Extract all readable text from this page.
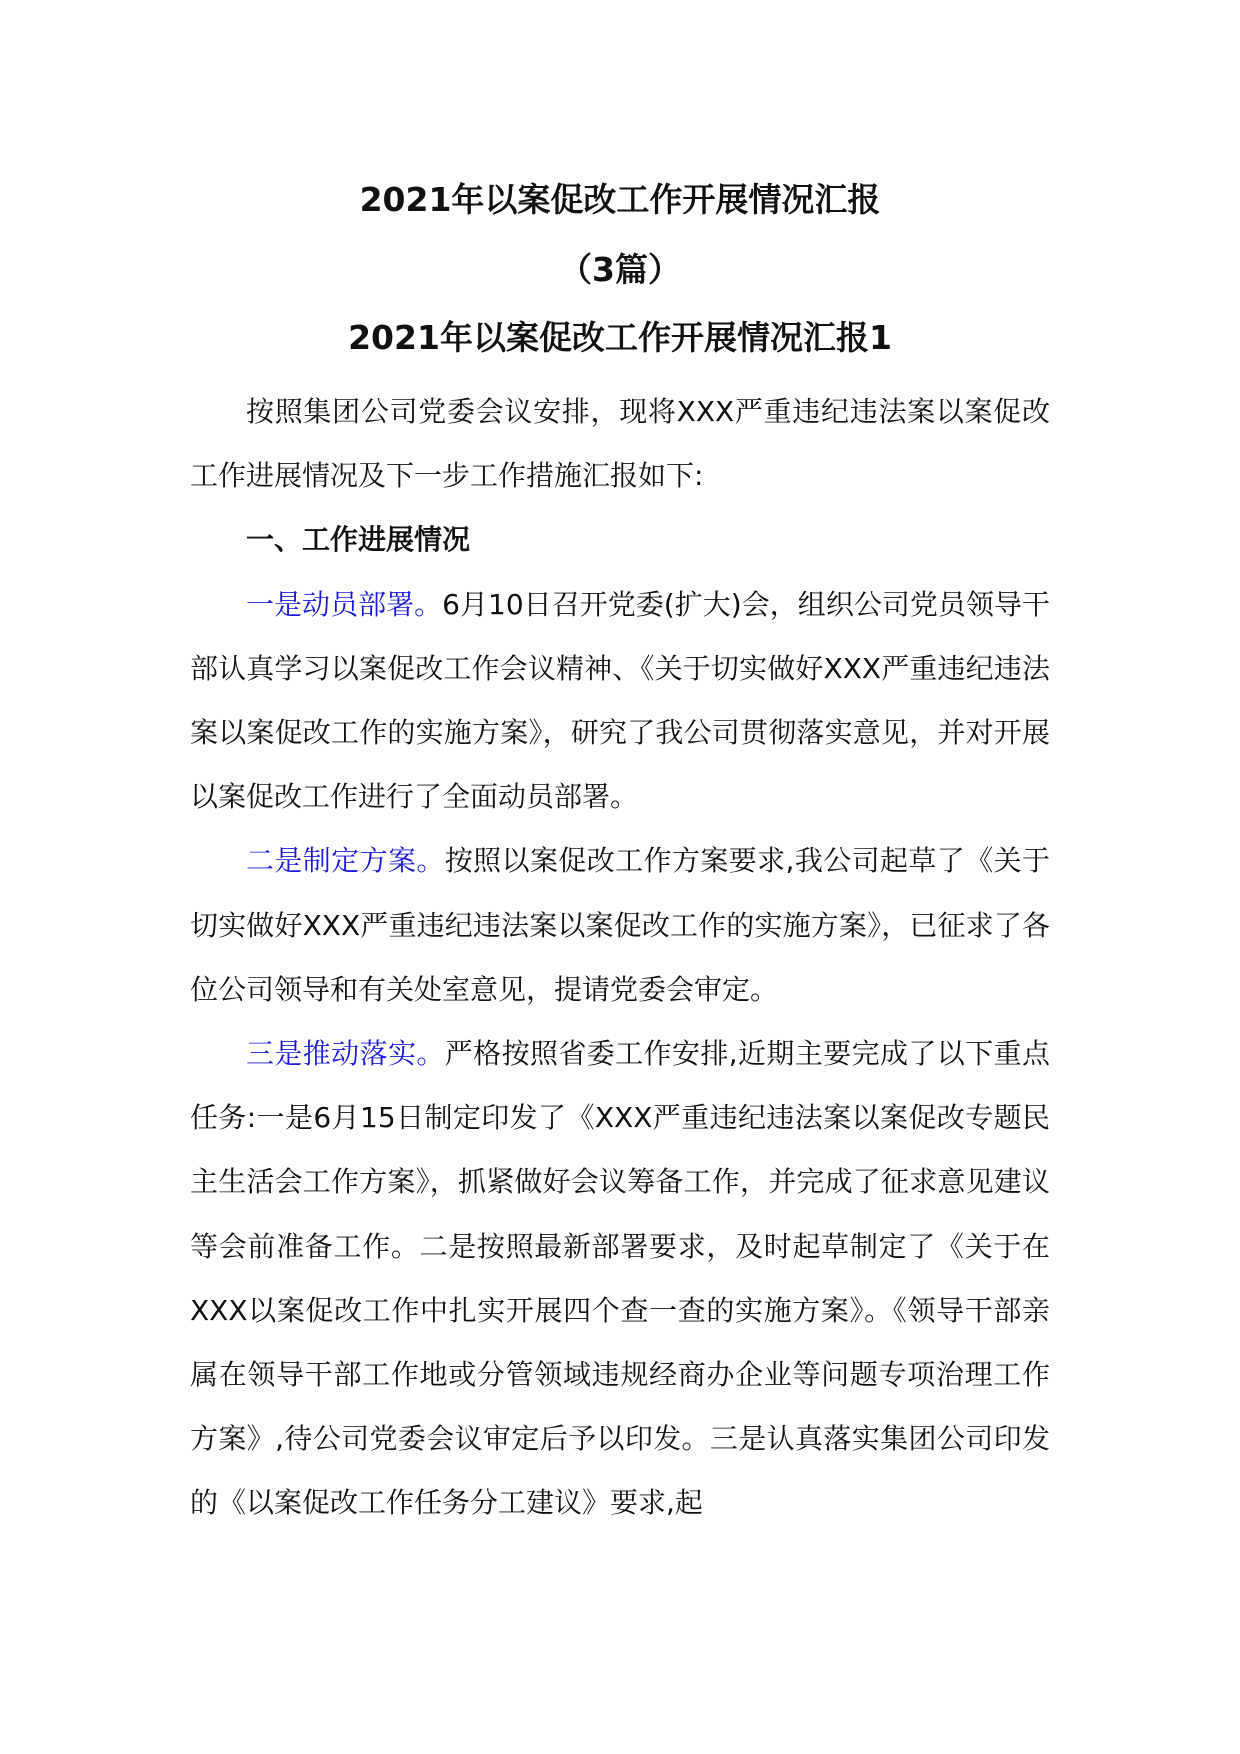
2021年以案促改工作开展情况汇报
（3篇）
2021年以案促改工作开展情况汇报1

按照集团公司党委会议安排，现将XXX严重违纪违法案以案促改工作进展情况及下一步工作措施汇报如下:

一、工作进展情况

一是动员部署。6月10日召开党委(扩大)会，组织公司党员领导干部认真学习以案促改工作会议精神、《关于切实做好XXX严重违纪违法案以案促改工作的实施方案》，研究了我公司贯彻落实意见，并对开展以案促改工作进行了全面动员部署。

二是制定方案。按照以案促改工作方案要求,我公司起草了《关于切实做好XXX严重违纪违法案以案促改工作的实施方案》，已征求了各位公司领导和有关处室意见，提请党委会审定。

三是推动落实。严格按照省委工作安排,近期主要完成了以下重点任务:一是6月15日制定印发了《XXX严重违纪违法案以案促改专题民主生活会工作方案》，抓紧做好会议筹备工作，并完成了征求意见建议等会前准备工作。二是按照最新部署要求，及时起草制定了《关于在XXX以案促改工作中扎实开展四个查一查的实施方案》。《领导干部亲属在领导干部工作地或分管领域违规经商办企业等问题专项治理工作方案》,待公司党委会议审定后予以印发。三是认真落实集团公司印发的《以案促改工作任务分工建议》要求,起
